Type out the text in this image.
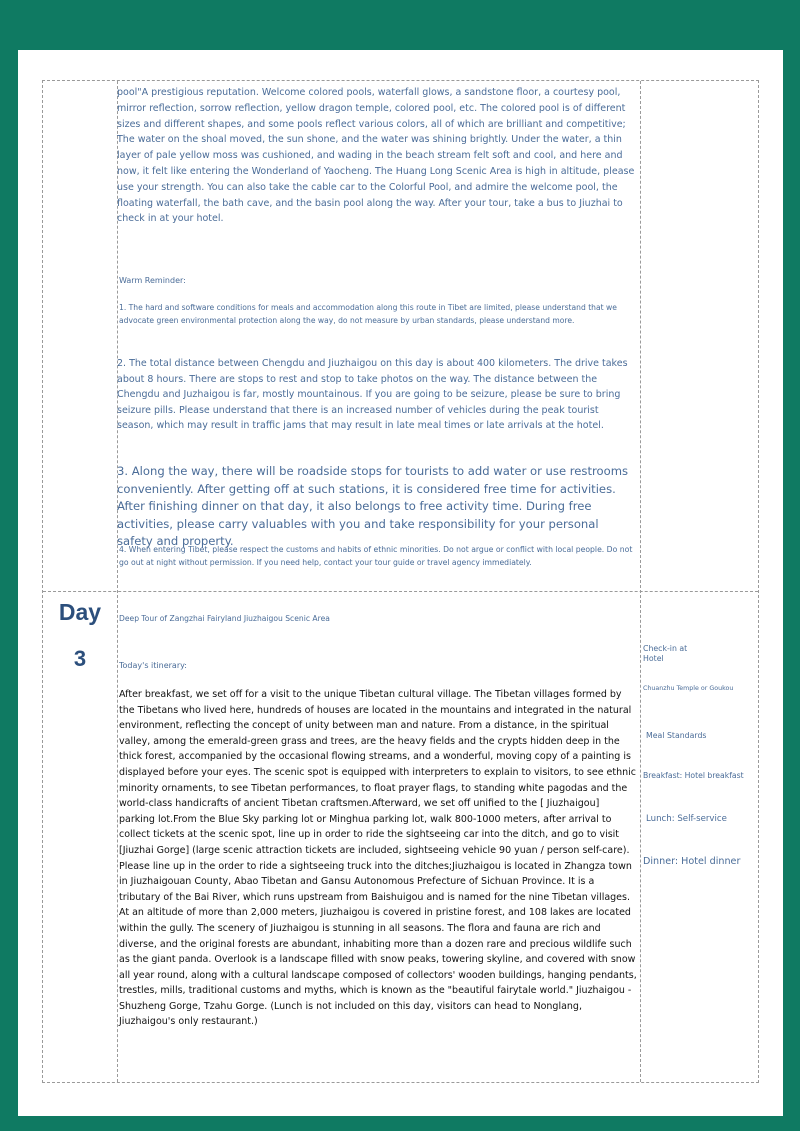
pool"A prestigious reputation. Welcome colored pools, waterfall glows, a sandstone floor, a courtesy pool, mirror reflection, sorrow reflection, yellow dragon temple, colored pool, etc. The colored pool is of different sizes and different shapes, and some pools reflect various colors, all of which are brilliant and competitive; The water on the shoal moved, the sun shone, and the water was shining brightly. Under the water, a thin layer of pale yellow moss was cushioned, and wading in the beach stream felt soft and cool, and here and now, it felt like entering the Wonderland of Yaocheng. The Huang Long Scenic Area is high in altitude, please use your strength. You can also take the cable car to the Colorful Pool, and admire the welcome pool, the floating waterfall, the bath cave, and the basin pool along the way. After your tour, take a bus to Jiuzhai to check in at your hotel.
Warm Reminder:
1. The hard and software conditions for meals and accommodation along this route in Tibet are limited, please understand that we advocate green environmental protection along the way, do not measure by urban standards, please understand more.
2. The total distance between Chengdu and Jiuzhaigou on this day is about 400 kilometers. The drive takes about 8 hours. There are stops to rest and stop to take photos on the way. The distance between the Chengdu and Juzhaigou is far, mostly mountainous. If you are going to be seizure, please be sure to bring seizure pills. Please understand that there is an increased number of vehicles during the peak tourist season, which may result in traffic jams that may result in late meal times or late arrivals at the hotel.
3. Along the way, there will be roadside stops for tourists to add water or use restrooms conveniently. After getting off at such stations, it is considered free time for activities. After finishing dinner on that day, it also belongs to free activity time. During free activities, please carry valuables with you and take responsibility for your personal safety and property.
4. When entering Tibet, please respect the customs and habits of ethnic minorities. Do not argue or conflict with local people. Do not go out at night without permission. If you need help, contact your tour guide or travel agency immediately.
Day
3
Deep Tour of Zangzhai Fairyland Jiuzhaigou Scenic Area
Today's itinerary:
After breakfast, we set off for a visit to the unique Tibetan cultural village. The Tibetan villages formed by the Tibetans who lived here, hundreds of houses are located in the mountains and integrated in the natural environment, reflecting the concept of unity between man and nature. From a distance, in the spiritual valley, among the emerald-green grass and trees, are the heavy fields and the crypts hidden deep in the thick forest, accompanied by the occasional flowing streams, and a wonderful, moving copy of a painting is displayed before your eyes. The scenic spot is equipped with interpreters to explain to visitors, to see ethnic minority ornaments, to see Tibetan performances, to float prayer flags, to standing white pagodas and the world-class handicrafts of ancient Tibetan craftsmen.Afterward, we set off unified to the [ Jiuzhaigou] parking lot.From the Blue Sky parking lot or Minghua parking lot, walk 800-1000 meters, after arrival to collect tickets at the scenic spot, line up in order to ride the sightseeing car into the ditch, and go to visit [Jiuzhai Gorge] (large scenic attraction tickets are included, sightseeing vehicle 90 yuan / person self-care). Please line up in the order to ride a sightseeing truck into the ditches;Jiuzhaigou is located in Zhangza town in Jiuzhaigouan County, Abao Tibetan and Gansu Autonomous Prefecture of Sichuan Province. It is a tributary of the Bai River, which runs upstream from Baishuigou and is named for the nine Tibetan villages. At an altitude of more than 2,000 meters, Jiuzhaigou is covered in pristine forest, and 108 lakes are located within the gully. The scenery of Jiuzhaigou is stunning in all seasons. The flora and fauna are rich and diverse, and the original forests are abundant, inhabiting more than a dozen rare and precious wildlife such as the giant panda. Overlook is a landscape filled with snow peaks, towering skyline, and covered with snow all year round, along with a cultural landscape composed of collectors' wooden buildings, hanging pendants, trestles, mills, traditional customs and myths, which is known as the "beautiful fairytale world." Jiuzhaigou - Shuzheng Gorge, Tzahu Gorge. (Lunch is not included on this day, visitors can head to Nonglang, Jiuzhaigou's only restaurant.)
Check-in at Hotel
Chuanzhu Temple or Goukou
Meal Standards
Breakfast: Hotel breakfast
Lunch: Self-service
Dinner: Hotel dinner
